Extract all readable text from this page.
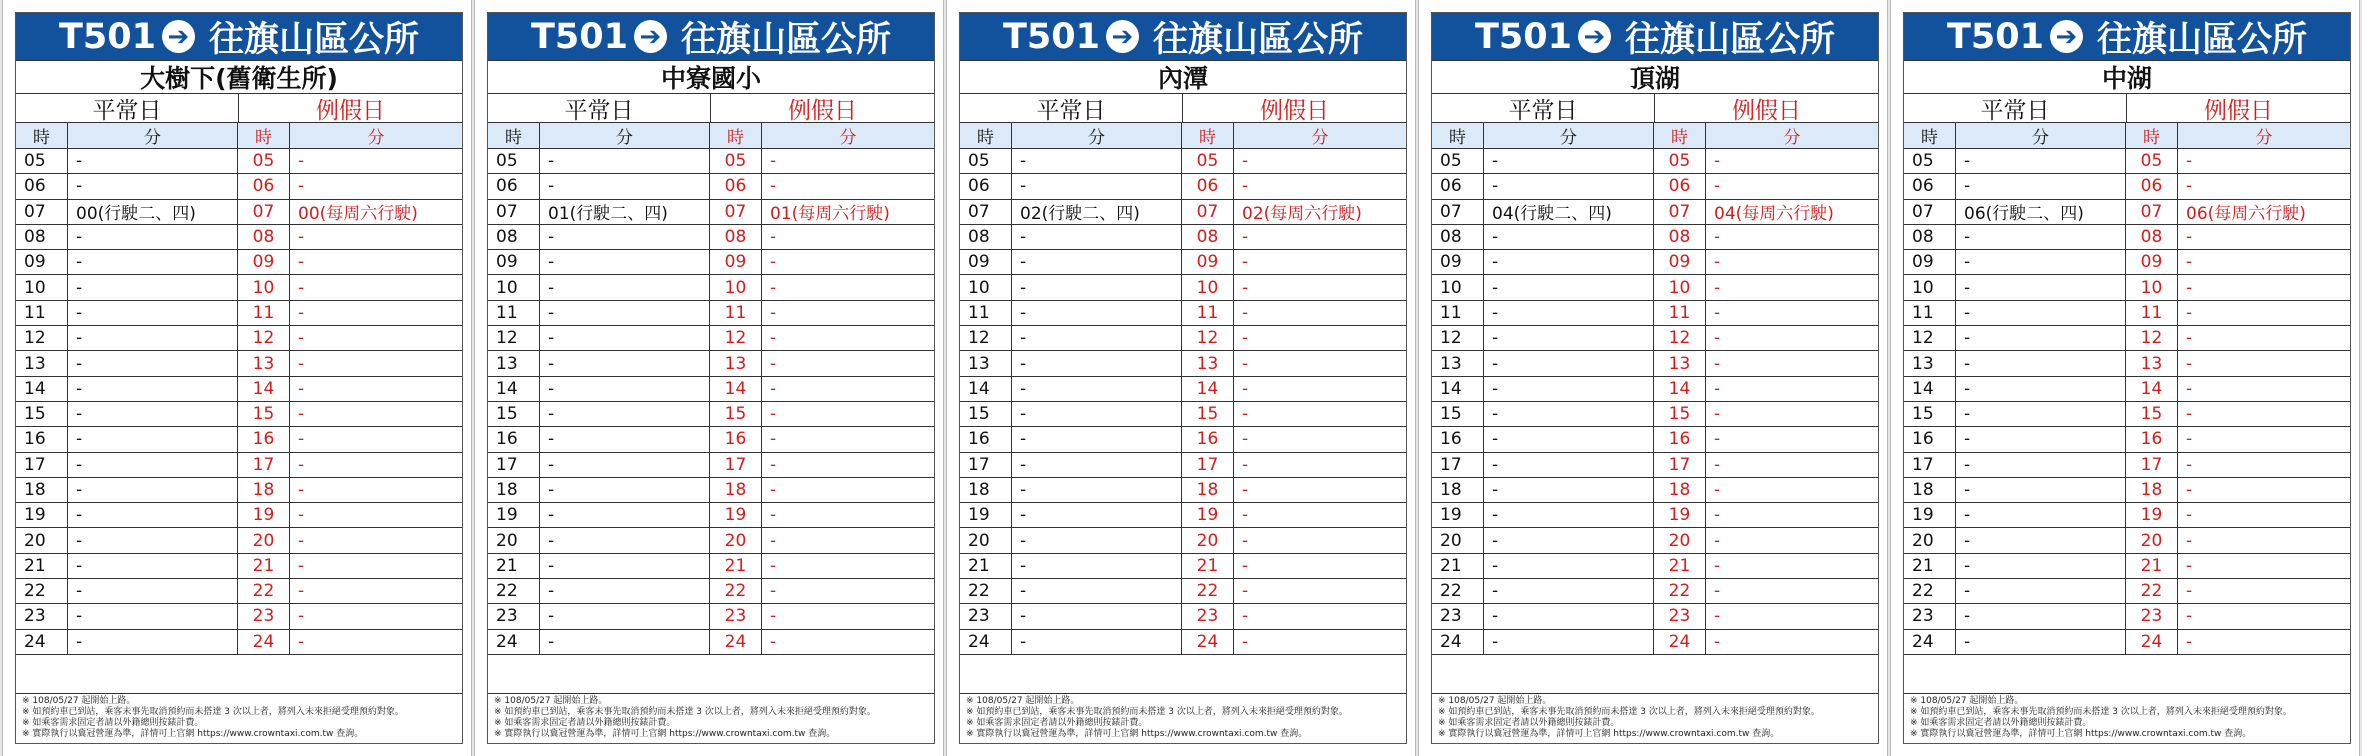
T501 ➔ 往旗山區公所
大樹下(舊衛生所)
平常日	例假日
時	分	時	分
05	-	05	-
06	-	06	-
07	00(行駛二、四)	07	00(每周六行駛)
08	-	08	-
09	-	09	-
10	-	10	-
11	-	11	-
12	-	12	-
13	-	13	-
14	-	14	-
15	-	15	-
16	-	16	-
17	-	17	-
18	-	18	-
19	-	19	-
20	-	20	-
21	-	21	-
22	-	22	-
23	-	23	-
24	-	24	-

※ 108/05/27 起開始上路。

※ 如預約車已到站，乘客未事先取消預約而未搭達 3 次以上者，將列入未來拒絕受理預約對象。

※ 如乘客需求固定者請以外籍總則按錶計費。

※ 實際執行以冀冠營運為準，詳情可上官網 https://www.crowntaxi.com.tw 查詢。

T501 ➔ 往旗山區公所
中寮國小
平常日	例假日
時	分	時	分
05	-	05	-
06	-	06	-
07	01(行駛二、四)	07	01(每周六行駛)
08	-	08	-
09	-	09	-
10	-	10	-
11	-	11	-
12	-	12	-
13	-	13	-
14	-	14	-
15	-	15	-
16	-	16	-
17	-	17	-
18	-	18	-
19	-	19	-
20	-	20	-
21	-	21	-
22	-	22	-
23	-	23	-
24	-	24	-

※ 108/05/27 起開始上路。

※ 如預約車已到站，乘客未事先取消預約而未搭達 3 次以上者，將列入未來拒絕受理預約對象。

※ 如乘客需求固定者請以外籍總則按錶計費。

※ 實際執行以冀冠營運為準，詳情可上官網 https://www.crowntaxi.com.tw 查詢。

T501 ➔ 往旗山區公所
內潭
平常日	例假日
時	分	時	分
05	-	05	-
06	-	06	-
07	02(行駛二、四)	07	02(每周六行駛)
08	-	08	-
09	-	09	-
10	-	10	-
11	-	11	-
12	-	12	-
13	-	13	-
14	-	14	-
15	-	15	-
16	-	16	-
17	-	17	-
18	-	18	-
19	-	19	-
20	-	20	-
21	-	21	-
22	-	22	-
23	-	23	-
24	-	24	-

※ 108/05/27 起開始上路。

※ 如預約車已到站，乘客未事先取消預約而未搭達 3 次以上者，將列入未來拒絕受理預約對象。

※ 如乘客需求固定者請以外籍總則按錶計費。

※ 實際執行以冀冠營運為準，詳情可上官網 https://www.crowntaxi.com.tw 查詢。

T501 ➔ 往旗山區公所
頂湖
平常日	例假日
時	分	時	分
05	-	05	-
06	-	06	-
07	04(行駛二、四)	07	04(每周六行駛)
08	-	08	-
09	-	09	-
10	-	10	-
11	-	11	-
12	-	12	-
13	-	13	-
14	-	14	-
15	-	15	-
16	-	16	-
17	-	17	-
18	-	18	-
19	-	19	-
20	-	20	-
21	-	21	-
22	-	22	-
23	-	23	-
24	-	24	-

※ 108/05/27 起開始上路。

※ 如預約車已到站，乘客未事先取消預約而未搭達 3 次以上者，將列入未來拒絕受理預約對象。

※ 如乘客需求固定者請以外籍總則按錶計費。

※ 實際執行以冀冠營運為準，詳情可上官網 https://www.crowntaxi.com.tw 查詢。

T501 ➔ 往旗山區公所
中湖
平常日	例假日
時	分	時	分
05	-	05	-
06	-	06	-
07	06(行駛二、四)	07	06(每周六行駛)
08	-	08	-
09	-	09	-
10	-	10	-
11	-	11	-
12	-	12	-
13	-	13	-
14	-	14	-
15	-	15	-
16	-	16	-
17	-	17	-
18	-	18	-
19	-	19	-
20	-	20	-
21	-	21	-
22	-	22	-
23	-	23	-
24	-	24	-

※ 108/05/27 起開始上路。

※ 如預約車已到站，乘客未事先取消預約而未搭達 3 次以上者，將列入未來拒絕受理預約對象。

※ 如乘客需求固定者請以外籍總則按錶計費。

※ 實際執行以冀冠營運為準，詳情可上官網 https://www.crowntaxi.com.tw 查詢。
